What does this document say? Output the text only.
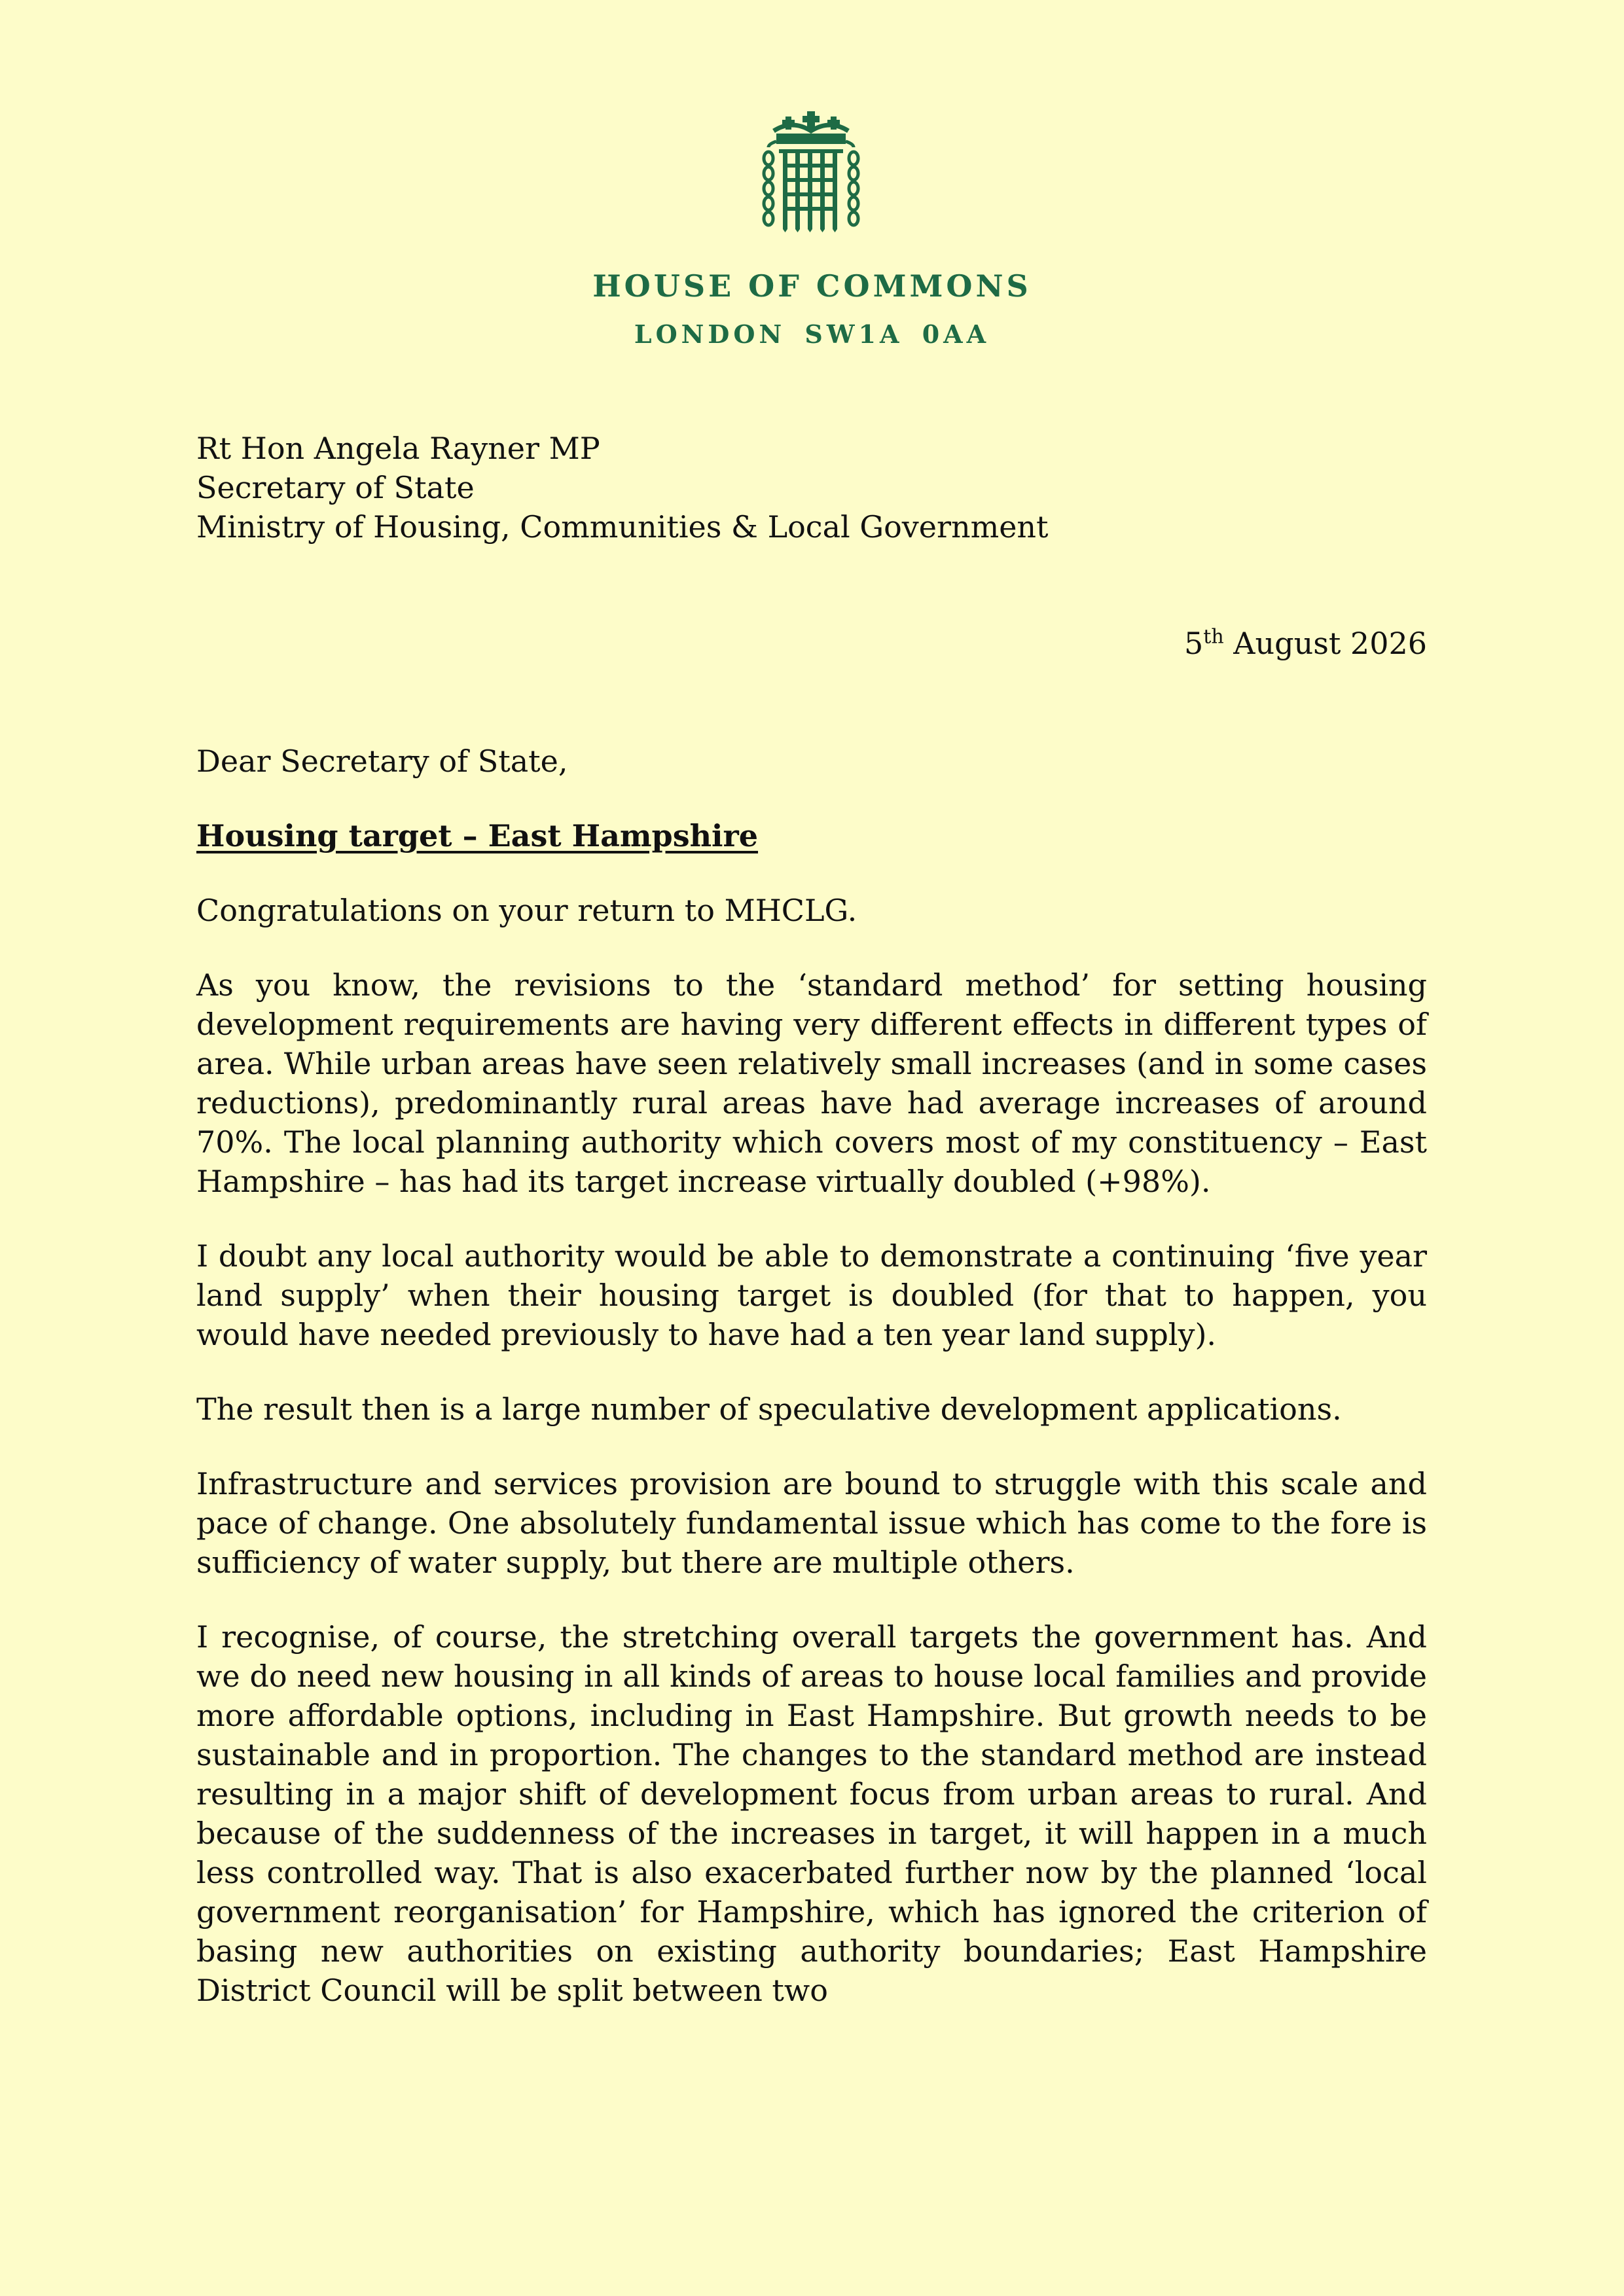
HOUSE OF COMMONS
LONDON SW1A 0AA
Rt Hon Angela Rayner MP
Secretary of State
Ministry of Housing, Communities & Local Government
5th August 2026
Dear Secretary of State,
Housing target – East Hampshire

Congratulations on your return to MHCLG.

As you know, the revisions to the ‘standard method’ for setting housing development requirements are having very different effects in different types of area. While urban areas have seen relatively small increases (and in some cases reductions), predominantly rural areas have had average increases of around 70%. The local planning authority which covers most of my constituency – East Hampshire – has had its target increase virtually doubled (+98%).

I doubt any local authority would be able to demonstrate a continuing ‘five year land supply’ when their housing target is doubled (for that to happen, you would have needed previously to have had a ten year land supply).

The result then is a large number of speculative development applications.

Infrastructure and services provision are bound to struggle with this scale and pace of change. One absolutely fundamental issue which has come to the fore is sufficiency of water supply, but there are multiple others.

I recognise, of course, the stretching overall targets the government has. And we do need new housing in all kinds of areas to house local families and provide more affordable options, including in East Hampshire. But growth needs to be sustainable and in proportion. The changes to the standard method are instead resulting in a major shift of development focus from urban areas to rural. And because of the suddenness of the increases in target, it will happen in a much less controlled way. That is also exacerbated further now by the planned ‘local government reorganisation’ for Hampshire, which has ignored the criterion of basing new authorities on existing authority boundaries; East Hampshire District Council will be split between two
